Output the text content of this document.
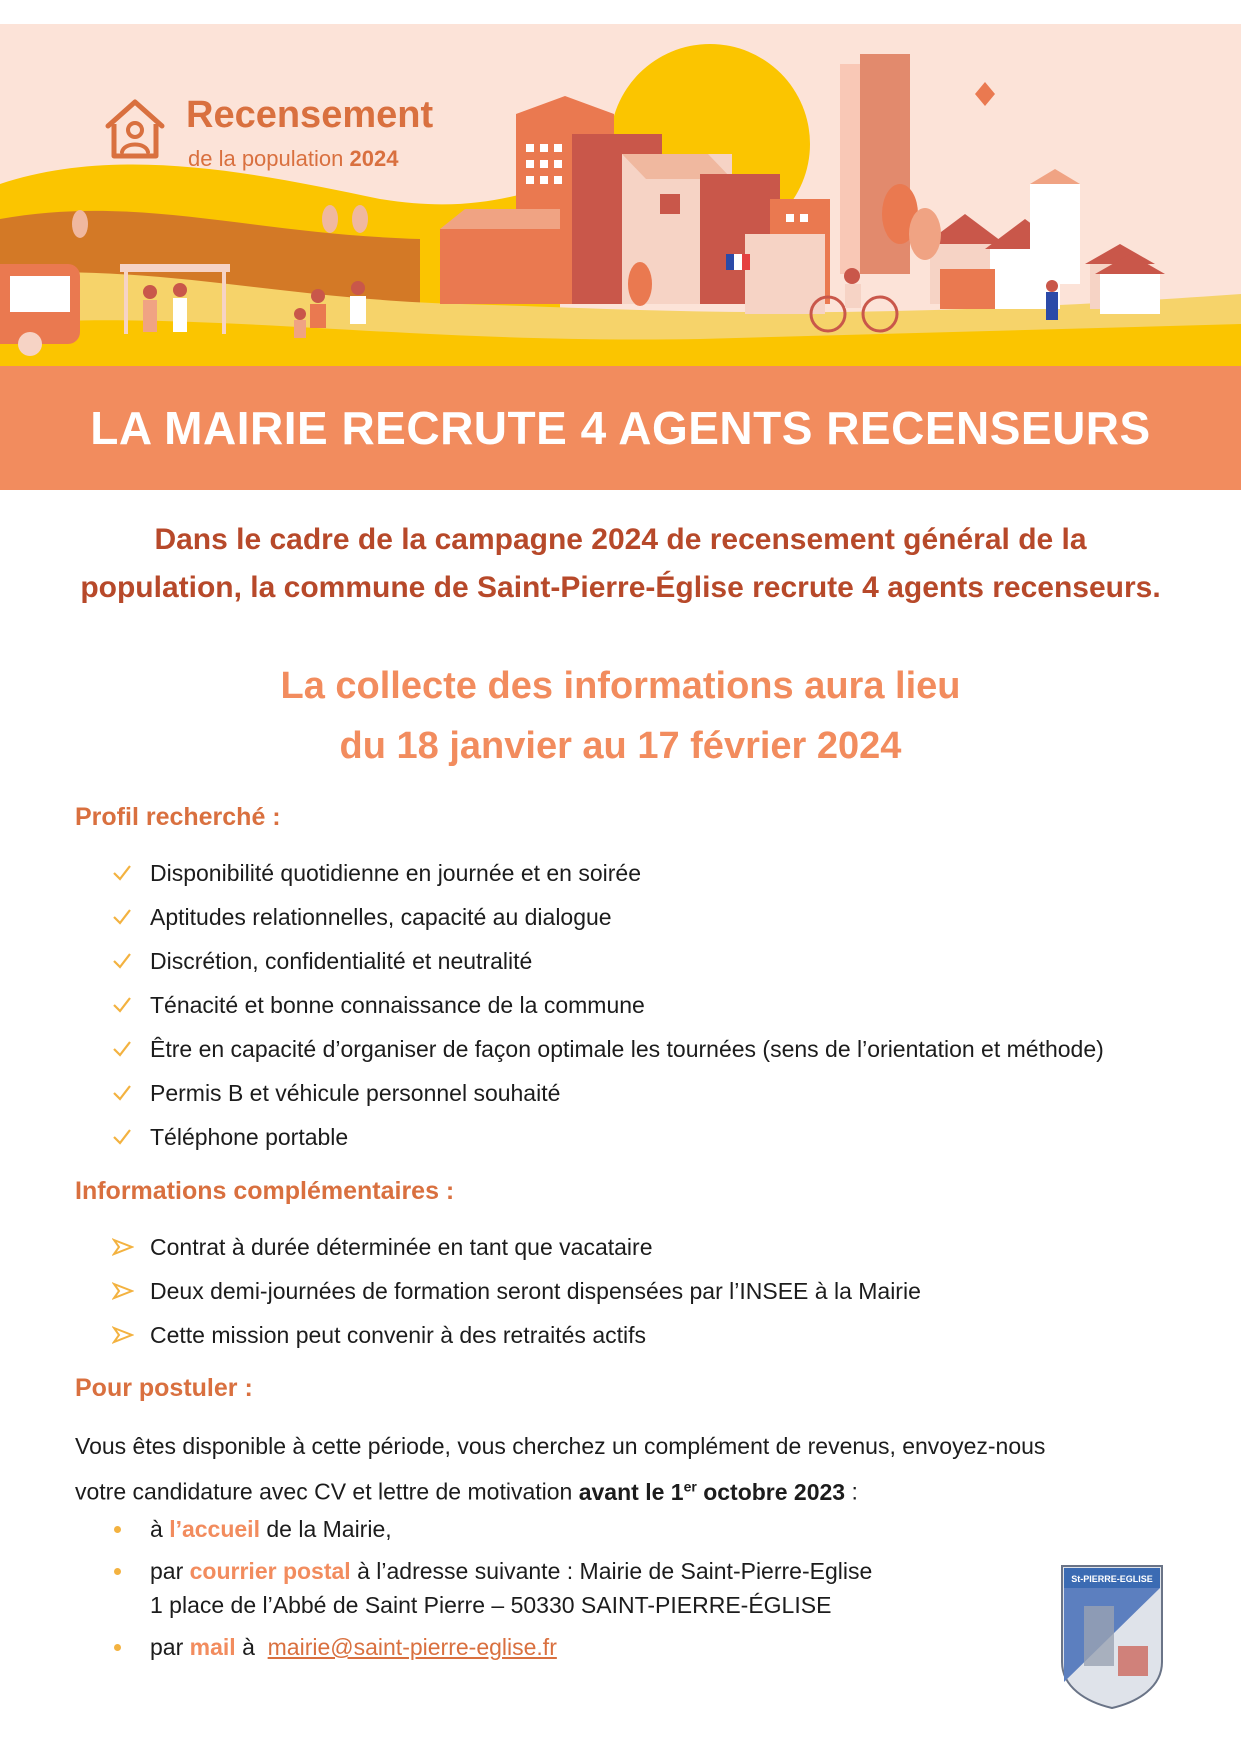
Recensement
de la population 2024
LA MAIRIE RECRUTE 4 AGENTS RECENSEURS
Dans le cadre de la campagne 2024 de recensement général de la
population, la commune de Saint-Pierre-Église recrute 4 agents recenseurs.
La collecte des informations aura lieu
du 18 janvier au 17 février 2024
Profil recherché :
Disponibilité quotidienne en journée et en soirée
Aptitudes relationnelles, capacité au dialogue
Discrétion, confidentialité et neutralité
Ténacité et bonne connaissance de la commune
Être en capacité d’organiser de façon optimale les tournées (sens de l’orientation et méthode)
Permis B et véhicule personnel souhaité
Téléphone portable
Informations complémentaires :
Contrat à durée déterminée en tant que vacataire
Deux demi-journées de formation seront dispensées par l’INSEE à la Mairie
Cette mission peut convenir à des retraités actifs
Pour postuler :
Vous êtes disponible à cette période, vous cherchez un complément de revenus, envoyez-nous
votre candidature avec CV et lettre de motivation avant le 1er octobre 2023 :
à l’accueil de la Mairie,
par courrier postal à l’adresse suivante : Mairie de Saint-Pierre-Eglise
1 place de l’Abbé de Saint Pierre – 50330 SAINT-PIERRE-ÉGLISE
par mail à mairie@saint-pierre-eglise.fr
St-PIERRE-EGLISE
